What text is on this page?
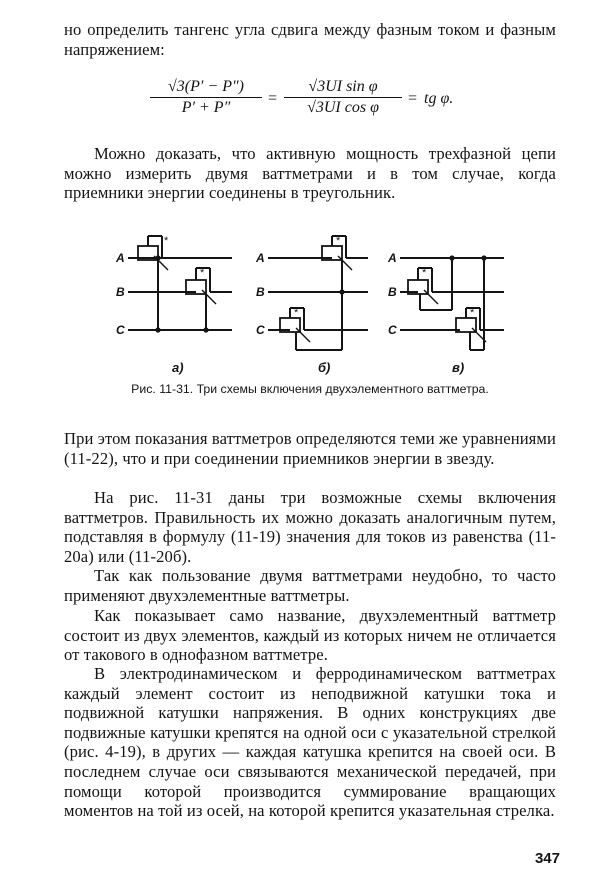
но определить тангенс угла сдвига между фазным током и фазным напряжением:
$\frac{√3(P' - P'')}{P' + P''} = \frac{\text{√3UI sin φ}}{\text{√3UI cos φ}}$ = tg φ.
Можно доказать, что активную мощность трехфазной цепи можно измерить двумя ваттметрами и в том случае, когда приемники энергии соединены в треугольник.
A
B
C
A
B
C
A
B
C
*
*
*
*
*
*
а)	б)	в)
Рис. 11-31. Три схемы включения двухэлементного ваттметра.
При этом показания ваттметров определяются теми же уравнениями (11-22), что и при соединении приемников энергии в звезду.
На рис. 11-31 даны три возможные схемы включения ваттметров. Правильность их можно доказать аналогичным путем, подставляя в формулу (11-19) значения для токов из равенства (11-20а) или (11-20б).
Так как пользование двумя ваттметрами неудобно, то часто применяют двухэлементные ваттметры.
Как показывает само название, двухэлементный ваттметр состоит из двух элементов, каждый из которых ничем не отличается от такового в однофазном ваттметре.
В электродинамическом и ферродинамическом ваттметрах каждый элемент состоит из неподвижной катушки тока и подвижной катушки напряжения. В одних конструкциях две подвижные катушки крепятся на одной оси с указательной стрелкой (рис. 4-19), в других — каждая катушка крепится на своей оси. В последнем случае оси связываются механической передачей, при помощи которой производится суммирование вращающих моментов на той из осей, на которой крепится указательная стрелка.
347
